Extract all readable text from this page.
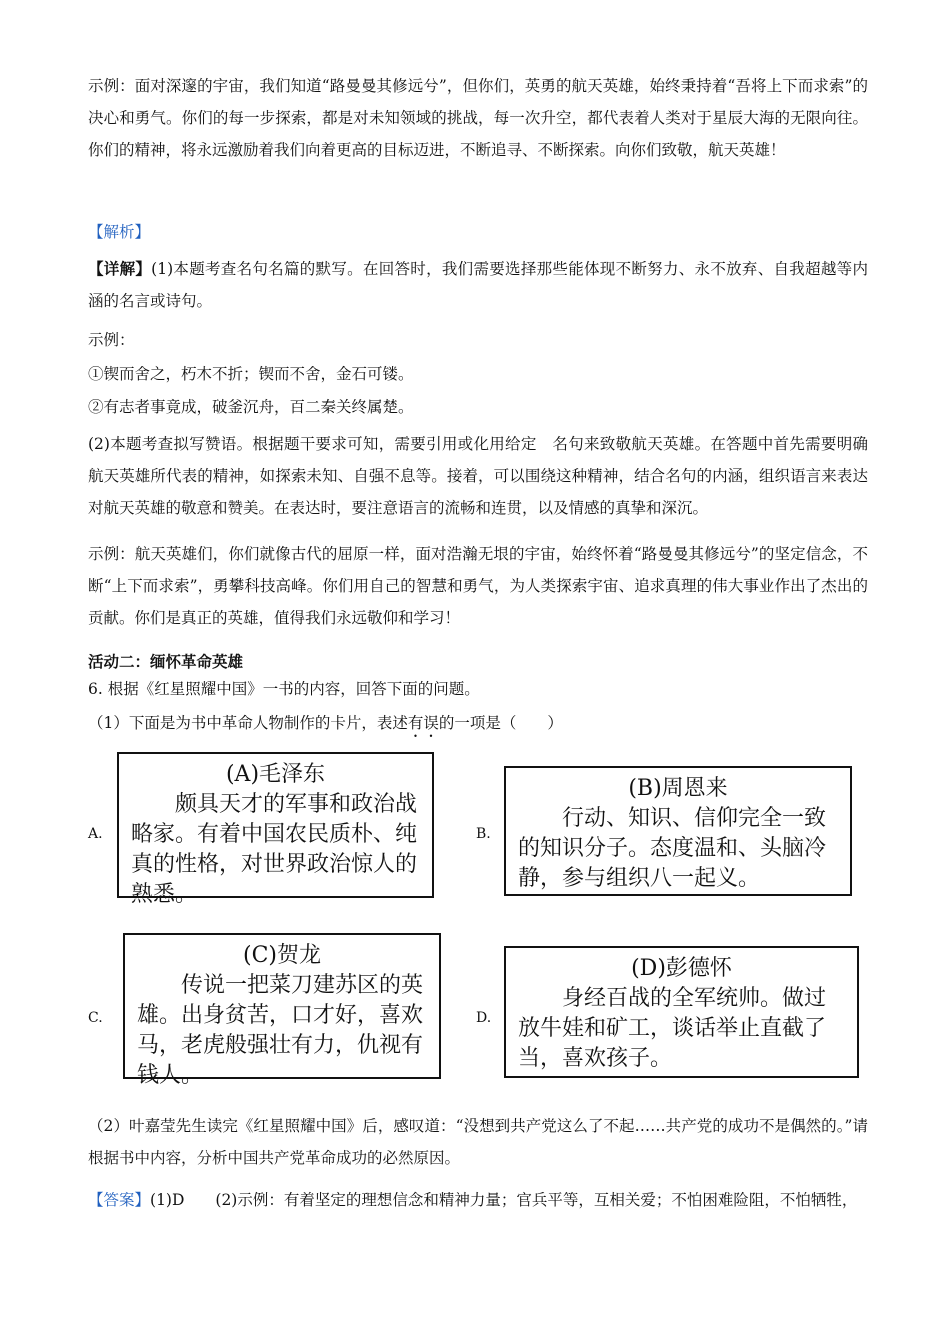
示例：面对深邃的宇宙，我们知道“路曼曼其修远兮”，但你们，英勇的航天英雄，始终秉持着“吾将上下而求索”的决心和勇气。你们的每一步探索，都是对未知领域的挑战，每一次升空，都代表着人类对于星辰大海的无限向往。你们的精神，将永远激励着我们向着更高的目标迈进，不断追寻、不断探索。向你们致敬，航天英雄！

【解析】

【详解】(1)本题考查名句名篇的默写。在回答时，我们需要选择那些能体现不断努力、永不放弃、自我超越等内涵的名言或诗句。

示例：
①锲而舍之，朽木不折；锲而不舍，金石可镂。
②有志者事竟成，破釜沉舟，百二秦关终属楚。

(2)本题考查拟写赞语。根据题干要求可知，需要引用或化用给定　名句来致敬航天英雄。在答题中首先需要明确航天英雄所代表的精神，如探索未知、自强不息等。接着，可以围绕这种精神，结合名句的内涵，组织语言来表达对航天英雄的敬意和赞美。在表达时，要注意语言的流畅和连贯，以及情感的真挚和深沉。

示例：航天英雄们，你们就像古代的屈原一样，面对浩瀚无垠的宇宙，始终怀着“路曼曼其修远兮”的坚定信念，不断“上下而求索”，勇攀科技高峰。你们用自己的智慧和勇气，为人类探索宇宙、追求真理的伟大事业作出了杰出的贡献。你们是真正的英雄，值得我们永远敬仰和学习！

活动二：缅怀革命英雄
6. 根据《红星照耀中国》一书的内容，回答下面的问题。
（1）下面是为书中革命人物制作的卡片，表述有误的一项是（　　）
A.
(A)毛泽东
颇具天才的军事和政治战略家。有着中国农民质朴、纯真的性格，对世界政治惊人的熟悉。
B.
(B)周恩来
行动、知识、信仰完全一致的知识分子。态度温和、头脑冷静，参与组织八一起义。
C.
(C)贺龙
传说一把菜刀建苏区的英雄。出身贫苦，口才好，喜欢马，老虎般强壮有力，仇视有钱人。
D.
(D)彭德怀
身经百战的全军统帅。做过放牛娃和矿工，谈话举止直截了当，喜欢孩子。

（2）叶嘉莹先生读完《红星照耀中国》后，感叹道：“没想到共产党这么了不起……共产党的成功不是偶然的。”请根据书中内容，分析中国共产党革命成功的必然原因。

【答案】(1)D　　(2)示例：有着坚定的理想信念和精神力量；官兵平等，互相关爱；不怕困难险阻，不怕牺牲，
